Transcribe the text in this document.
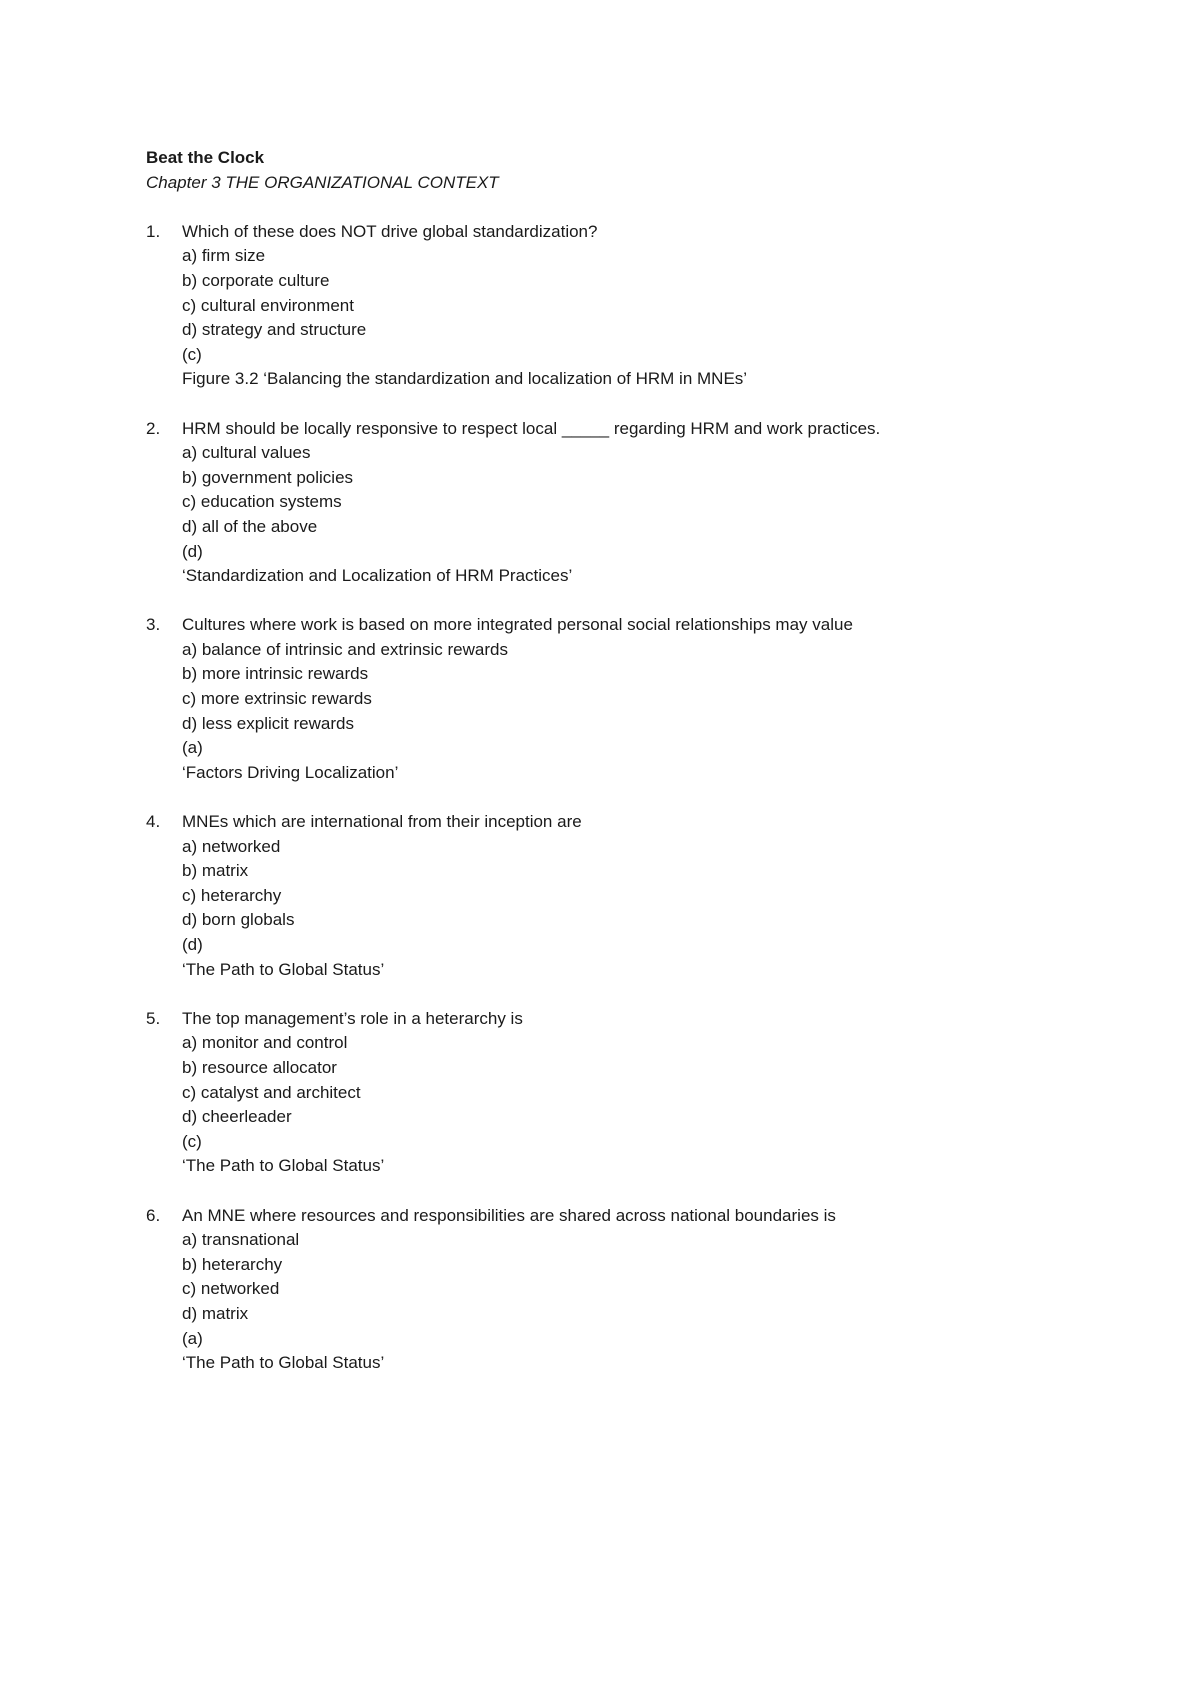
Beat the Clock
Chapter 3 THE ORGANIZATIONAL CONTEXT
1. Which of these does NOT drive global standardization?
a) firm size
b) corporate culture
c) cultural environment
d) strategy and structure
(c)
Figure 3.2 ‘Balancing the standardization and localization of HRM in MNEs’
2. HRM should be locally responsive to respect local _____ regarding HRM and work practices.
a) cultural values
b) government policies
c) education systems
d) all of the above
(d)
‘Standardization and Localization of HRM Practices’
3. Cultures where work is based on more integrated personal social relationships may value
a) balance of intrinsic and extrinsic rewards
b) more intrinsic rewards
c) more extrinsic rewards
d) less explicit rewards
(a)
‘Factors Driving Localization’
4. MNEs which are international from their inception are
a) networked
b) matrix
c) heterarchy
d) born globals
(d)
‘The Path to Global Status’
5. The top management’s role in a heterarchy is
a) monitor and control
b) resource allocator
c) catalyst and architect
d) cheerleader
(c)
‘The Path to Global Status’
6. An MNE where resources and responsibilities are shared across national boundaries is
a) transnational
b) heterarchy
c) networked
d) matrix
(a)
‘The Path to Global Status’
